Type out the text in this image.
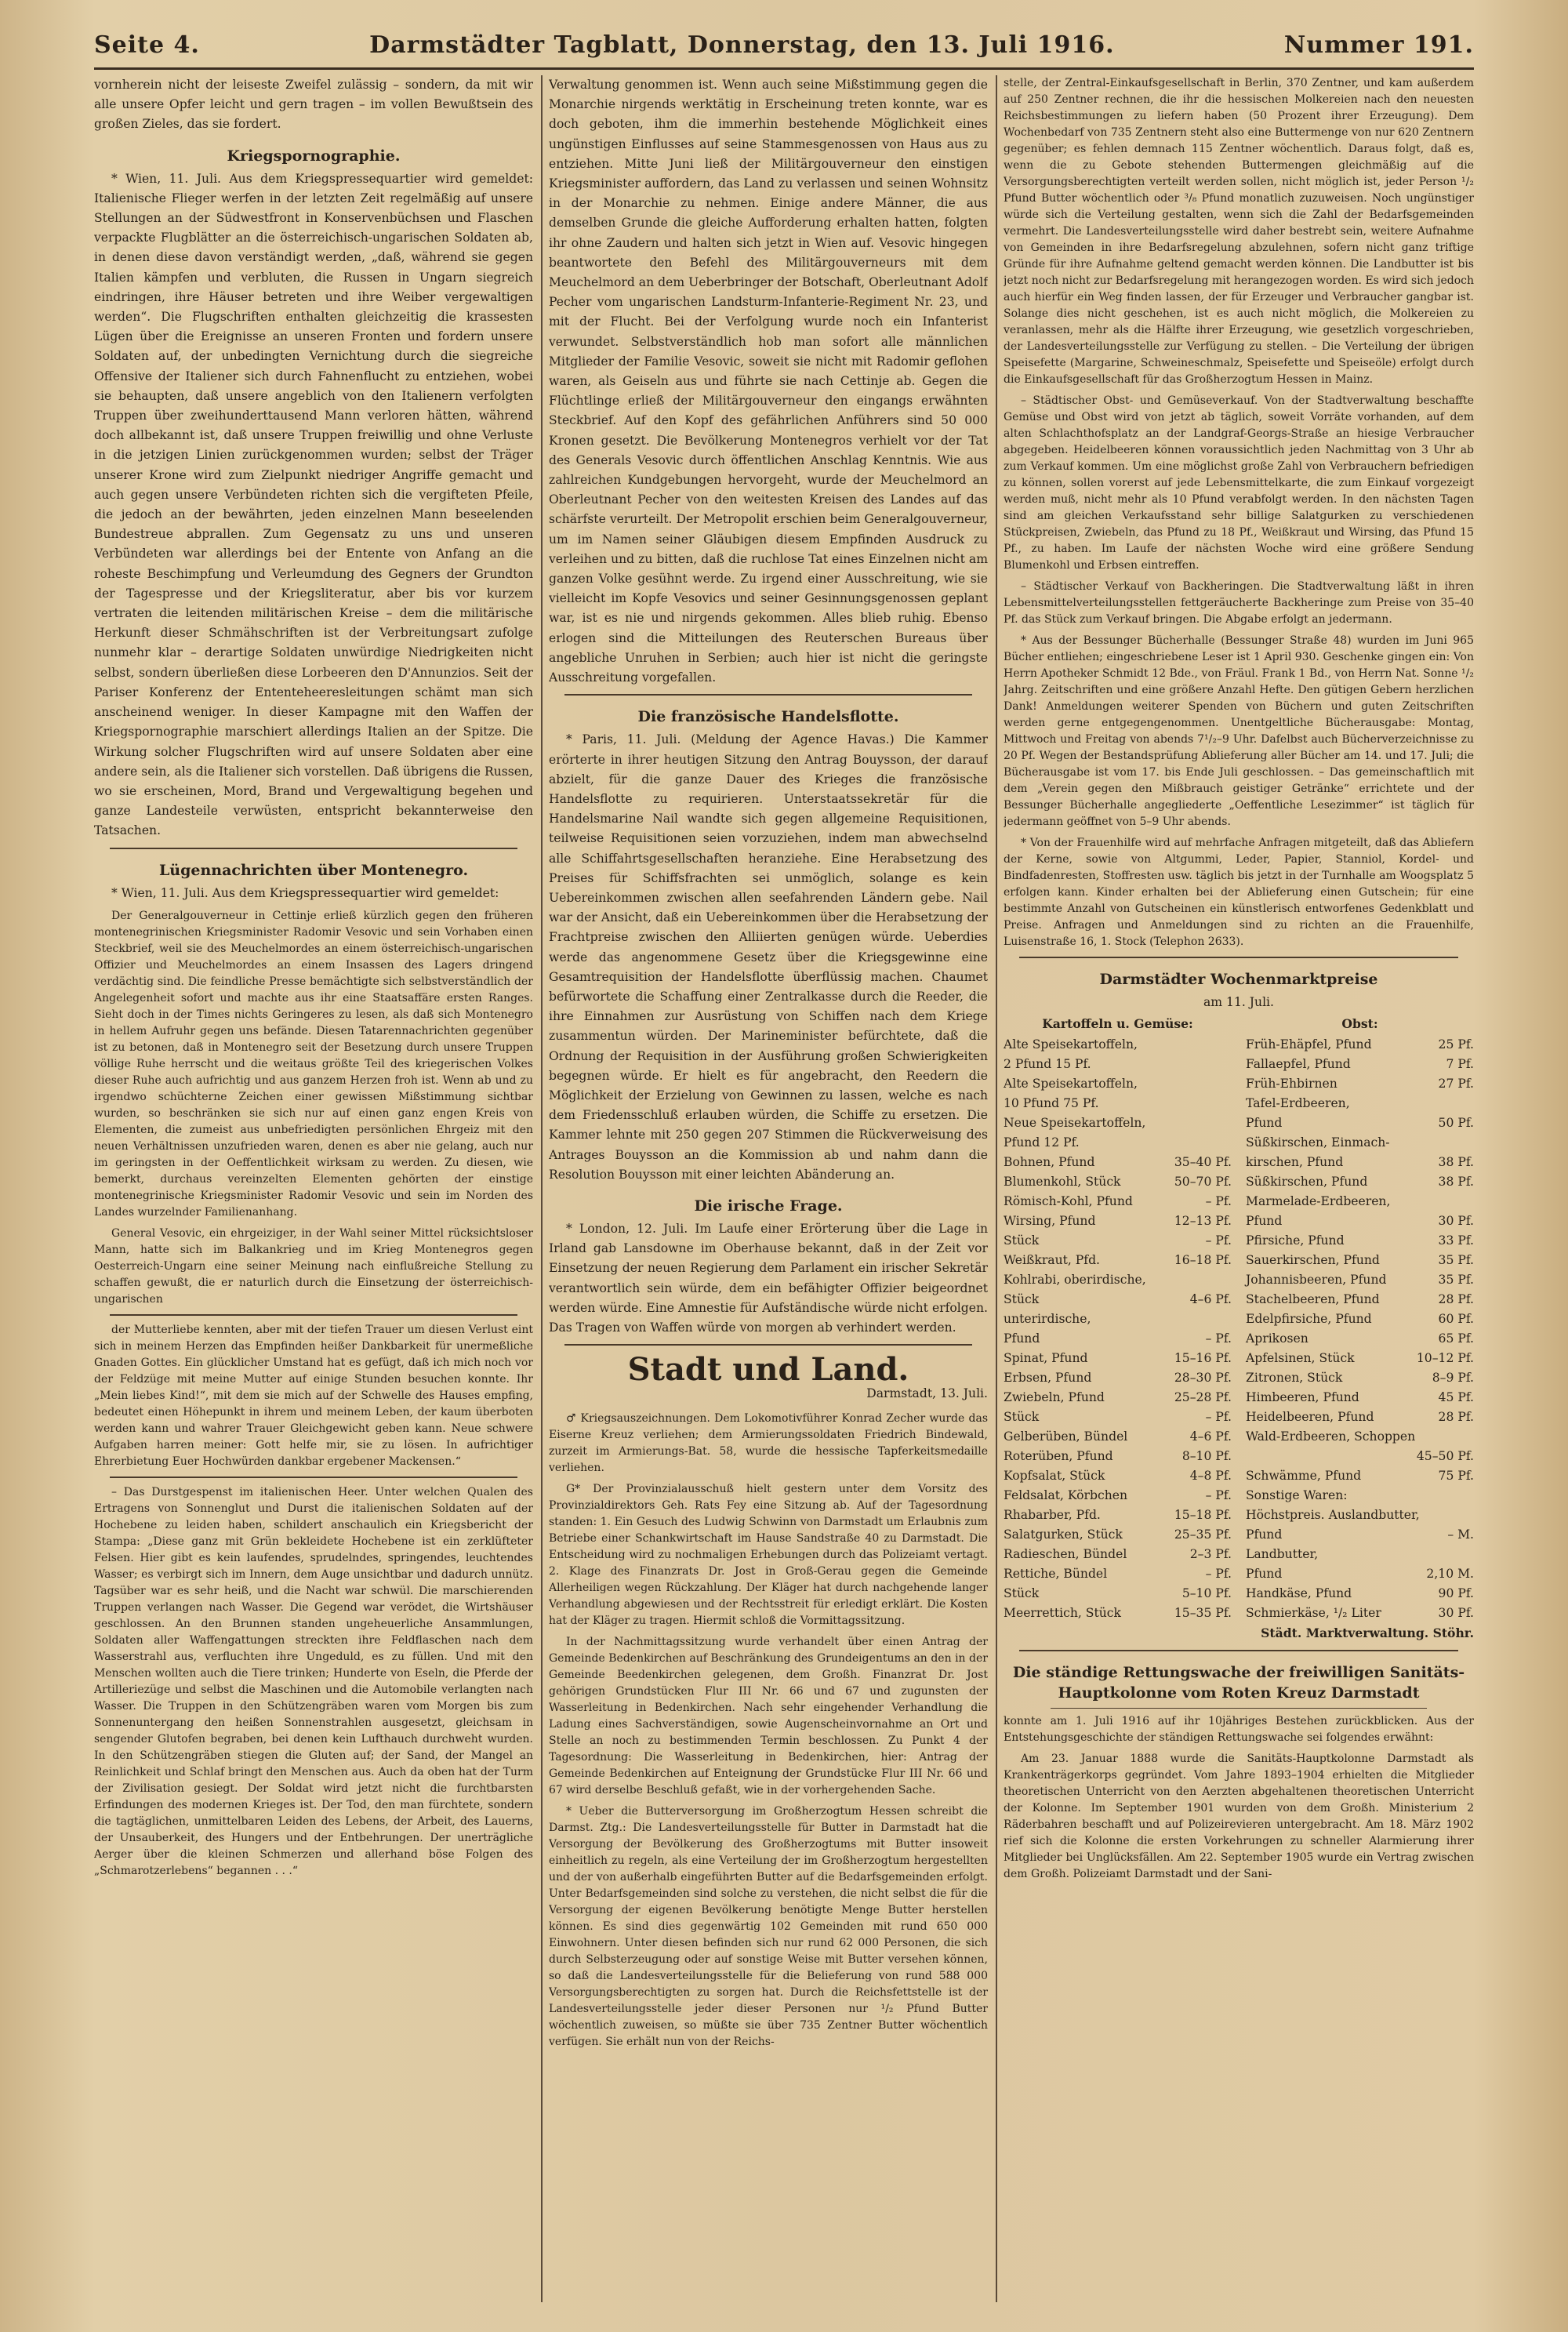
Seite 4.	Darmstädter Tagblatt, Donnerstag, den 13. Juli 1916.	Nummer 191.

vornherein nicht der leiseste Zweifel zulässig – sondern, da mit wir alle unsere Opfer leicht und gern tragen – im vollen Bewußtsein des großen Zieles, das sie fordert.

Kriegspornographie.

* Wien, 11. Juli. Aus dem Kriegspressequartier wird gemeldet: Italienische Flieger werfen in der letzten Zeit regelmäßig auf unsere Stellungen an der Südwestfront in Konservenbüchsen und Flaschen verpackte Flugblätter an die österreichisch-ungarischen Soldaten ab, in denen diese davon verständigt werden, „daß, während sie gegen Italien kämpfen und verbluten, die Russen in Ungarn siegreich eindringen, ihre Häuser betreten und ihre Weiber vergewaltigen werden“. Die Flugschriften enthalten gleichzeitig die krassesten Lügen über die Ereignisse an unseren Fronten und fordern unsere Soldaten auf, der unbedingten Vernichtung durch die siegreiche Offensive der Italiener sich durch Fahnenflucht zu entziehen, wobei sie behaupten, daß unsere angeblich von den Italienern verfolgten Truppen über zweihunderttausend Mann verloren hätten, während doch allbekannt ist, daß unsere Truppen freiwillig und ohne Verluste in die jetzigen Linien zurückgenommen wurden; selbst der Träger unserer Krone wird zum Zielpunkt niedriger Angriffe gemacht und auch gegen unsere Verbündeten richten sich die vergifteten Pfeile, die jedoch an der bewährten, jeden einzelnen Mann beseelenden Bundestreue abprallen. Zum Gegensatz zu uns und unseren Verbündeten war allerdings bei der Entente von Anfang an die roheste Beschimpfung und Verleumdung des Gegners der Grundton der Tagespresse und der Kriegsliteratur, aber bis vor kurzem vertraten die leitenden militärischen Kreise – dem die militärische Herkunft dieser Schmähschriften ist der Verbreitungsart zufolge nunmehr klar – derartige Soldaten unwürdige Niedrigkeiten nicht selbst, sondern überließen diese Lorbeeren den D'Annunzios. Seit der Pariser Konferenz der Ententeheeresleitungen schämt man sich anscheinend weniger. In dieser Kampagne mit den Waffen der Kriegspornographie marschiert allerdings Italien an der Spitze. Die Wirkung solcher Flugschriften wird auf unsere Soldaten aber eine andere sein, als die Italiener sich vorstellen. Daß übrigens die Russen, wo sie erscheinen, Mord, Brand und Vergewaltigung begehen und ganze Landesteile verwüsten, entspricht bekannterweise den Tatsachen.

Lügennachrichten über Montenegro.

* Wien, 11. Juli. Aus dem Kriegspressequartier wird gemeldet:

Der Generalgouverneur in Cettinje erließ kürzlich gegen den früheren montenegrinischen Kriegsminister Radomir Vesovic und sein Vorhaben einen Steckbrief, weil sie des Meuchelmordes an einem österreichisch-ungarischen Offizier und Meuchelmordes an einem Insassen des Lagers dringend verdächtig sind. Die feindliche Presse bemächtigte sich selbstverständlich der Angelegenheit sofort und machte aus ihr eine Staatsaffäre ersten Ranges. Sieht doch in der Times nichts Geringeres zu lesen, als daß sich Montenegro in hellem Aufruhr gegen uns befände. Diesen Tatarennachrichten gegenüber ist zu betonen, daß in Montenegro seit der Besetzung durch unsere Truppen völlige Ruhe herrscht und die weitaus größte Teil des kriegerischen Volkes dieser Ruhe auch aufrichtig und aus ganzem Herzen froh ist. Wenn ab und zu irgendwo schüchterne Zeichen einer gewissen Mißstimmung sichtbar wurden, so beschränken sie sich nur auf einen ganz engen Kreis von Elementen, die zumeist aus unbefriedigten persönlichen Ehrgeiz mit den neuen Verhältnissen unzufrieden waren, denen es aber nie gelang, auch nur im geringsten in der Oeffentlichkeit wirksam zu werden. Zu diesen, wie bemerkt, durchaus vereinzelten Elementen gehörten der einstige montenegrinische Kriegsminister Radomir Vesovic und sein im Norden des Landes wurzelnder Familienanhang.

General Vesovic, ein ehrgeiziger, in der Wahl seiner Mittel rücksichtsloser Mann, hatte sich im Balkankrieg und im Krieg Montenegros gegen Oesterreich-Ungarn eine seiner Meinung nach einflußreiche Stellung zu schaffen gewußt, die er naturlich durch die Einsetzung der österreichisch-ungarischen

der Mutterliebe kennten, aber mit der tiefen Trauer um diesen Verlust eint sich in meinem Herzen das Empfinden heißer Dankbarkeit für unermeßliche Gnaden Gottes. Ein glücklicher Umstand hat es gefügt, daß ich mich noch vor der Feldzüge mit meine Mutter auf einige Stunden besuchen konnte. Ihr „Mein liebes Kind!“, mit dem sie mich auf der Schwelle des Hauses empfing, bedeutet einen Höhepunkt in ihrem und meinem Leben, der kaum überboten werden kann und wahrer Trauer Gleichgewicht geben kann. Neue schwere Aufgaben harren meiner: Gott helfe mir, sie zu lösen. In aufrichtiger Ehrerbietung Euer Hochwürden dankbar ergebener Mackensen.“

– Das Durstgespenst im italienischen Heer. Unter welchen Qualen des Ertragens von Sonnenglut und Durst die italienischen Soldaten auf der Hochebene zu leiden haben, schildert anschaulich ein Kriegsbericht der Stampa: „Diese ganz mit Grün bekleidete Hochebene ist ein zerklüfteter Felsen. Hier gibt es kein laufendes, sprudelndes, springendes, leuchtendes Wasser; es verbirgt sich im Innern, dem Auge unsichtbar und dadurch unnütz. Tagsüber war es sehr heiß, und die Nacht war schwül. Die marschierenden Truppen verlangen nach Wasser. Die Gegend war verödet, die Wirtshäuser geschlossen. An den Brunnen standen ungeheuerliche Ansammlungen, Soldaten aller Waffengattungen streckten ihre Feldflaschen nach dem Wasserstrahl aus, verfluchten ihre Ungeduld, es zu füllen. Und mit den Menschen wollten auch die Tiere trinken; Hunderte von Eseln, die Pferde der Artilleriezüge und selbst die Maschinen und die Automobile verlangten nach Wasser. Die Truppen in den Schützengräben waren vom Morgen bis zum Sonnenuntergang den heißen Sonnenstrahlen ausgesetzt, gleichsam in sengender Glutofen begraben, bei denen kein Lufthauch durchweht wurden. In den Schützengräben stiegen die Gluten auf; der Sand, der Mangel an Reinlichkeit und Schlaf bringt den Menschen aus. Auch da oben hat der Turm der Zivilisation gesiegt. Der Soldat wird jetzt nicht die furchtbarsten Erfindungen des modernen Krieges ist. Der Tod, den man fürchtete, sondern die tagtäglichen, unmittelbaren Leiden des Lebens, der Arbeit, des Lauerns, der Unsauberkeit, des Hungers und der Entbehrungen. Der unerträgliche Aerger über die kleinen Schmerzen und allerhand böse Folgen des „Schmarotzerlebens“ begannen . . .“

Verwaltung genommen ist. Wenn auch seine Mißstimmung gegen die Monarchie nirgends werktätig in Erscheinung treten konnte, war es doch geboten, ihm die immerhin bestehende Möglichkeit eines ungünstigen Einflusses auf seine Stammesgenossen von Haus aus zu entziehen. Mitte Juni ließ der Militärgouverneur den einstigen Kriegsminister auffordern, das Land zu verlassen und seinen Wohnsitz in der Monarchie zu nehmen. Einige andere Männer, die aus demselben Grunde die gleiche Aufforderung erhalten hatten, folgten ihr ohne Zaudern und halten sich jetzt in Wien auf. Vesovic hingegen beantwortete den Befehl des Militärgouverneurs mit dem Meuchelmord an dem Ueberbringer der Botschaft, Oberleutnant Adolf Pecher vom ungarischen Landsturm-Infanterie-Regiment Nr. 23, und mit der Flucht. Bei der Verfolgung wurde noch ein Infanterist verwundet. Selbstverständlich hob man sofort alle männlichen Mitglieder der Familie Vesovic, soweit sie nicht mit Radomir geflohen waren, als Geiseln aus und führte sie nach Cettinje ab. Gegen die Flüchtlinge erließ der Militärgouverneur den eingangs erwähnten Steckbrief. Auf den Kopf des gefährlichen Anführers sind 50 000 Kronen gesetzt. Die Bevölkerung Montenegros verhielt vor der Tat des Generals Vesovic durch öffentlichen Anschlag Kenntnis. Wie aus zahlreichen Kundgebungen hervorgeht, wurde der Meuchelmord an Oberleutnant Pecher von den weitesten Kreisen des Landes auf das schärfste verurteilt. Der Metropolit erschien beim Generalgouverneur, um im Namen seiner Gläubigen diesem Empfinden Ausdruck zu verleihen und zu bitten, daß die ruchlose Tat eines Einzelnen nicht am ganzen Volke gesühnt werde. Zu irgend einer Ausschreitung, wie sie vielleicht im Kopfe Vesovics und seiner Gesinnungsgenossen geplant war, ist es nie und nirgends gekommen. Alles blieb ruhig. Ebenso erlogen sind die Mitteilungen des Reuterschen Bureaus über angebliche Unruhen in Serbien; auch hier ist nicht die geringste Ausschreitung vorgefallen.

Die französische Handelsflotte.

* Paris, 11. Juli. (Meldung der Agence Havas.) Die Kammer erörterte in ihrer heutigen Sitzung den Antrag Bouysson, der darauf abzielt, für die ganze Dauer des Krieges die französische Handelsflotte zu requirieren. Unterstaatssekretär für die Handelsmarine Nail wandte sich gegen allgemeine Requisitionen, teilweise Requisitionen seien vorzuziehen, indem man abwechselnd alle Schiffahrtsgesellschaften heranziehe. Eine Herabsetzung des Preises für Schiffsfrachten sei unmöglich, solange es kein Uebereinkommen zwischen allen seefahrenden Ländern gebe. Nail war der Ansicht, daß ein Uebereinkommen über die Herabsetzung der Frachtpreise zwischen den Alliierten genügen würde. Ueberdies werde das angenommene Gesetz über die Kriegsgewinne eine Gesamtrequisition der Handelsflotte überflüssig machen. Chaumet befürwortete die Schaffung einer Zentralkasse durch die Reeder, die ihre Einnahmen zur Ausrüstung von Schiffen nach dem Kriege zusammentun würden. Der Marineminister befürchtete, daß die Ordnung der Requisition in der Ausführung großen Schwierigkeiten begegnen würde. Er hielt es für angebracht, den Reedern die Möglichkeit der Erzielung von Gewinnen zu lassen, welche es nach dem Friedensschluß erlauben würden, die Schiffe zu ersetzen. Die Kammer lehnte mit 250 gegen 207 Stimmen die Rückverweisung des Antrages Bouysson an die Kommission ab und nahm dann die Resolution Bouysson mit einer leichten Abänderung an.

Die irische Frage.

* London, 12. Juli. Im Laufe einer Erörterung über die Lage in Irland gab Lansdowne im Oberhause bekannt, daß in der Zeit vor Einsetzung der neuen Regierung dem Parlament ein irischer Sekretär verantwortlich sein würde, dem ein befähigter Offizier beigeordnet werden würde. Eine Amnestie für Aufständische würde nicht erfolgen. Das Tragen von Waffen würde von morgen ab verhindert werden.

Stadt und Land.
Darmstadt, 13. Juli.

♂ Kriegsauszeichnungen. Dem Lokomotivführer Konrad Zecher wurde das Eiserne Kreuz verliehen; dem Armierungssoldaten Friedrich Bindewald, zurzeit im Armierungs-Bat. 58, wurde die hessische Tapferkeitsmedaille verliehen.

G* Der Provinzialausschuß hielt gestern unter dem Vorsitz des Provinzialdirektors Geh. Rats Fey eine Sitzung ab. Auf der Tagesordnung standen: 1. Ein Gesuch des Ludwig Schwinn von Darmstadt um Erlaubnis zum Betriebe einer Schankwirtschaft im Hause Sandstraße 40 zu Darmstadt. Die Entscheidung wird zu nochmaligen Erhebungen durch das Polizeiamt vertagt. 2. Klage des Finanzrats Dr. Jost in Groß-Gerau gegen die Gemeinde Allerheiligen wegen Rückzahlung. Der Kläger hat durch nachgehende langer Verhandlung abgewiesen und der Rechtsstreit für erledigt erklärt. Die Kosten hat der Kläger zu tragen. Hiermit schloß die Vormittagssitzung.

In der Nachmittagssitzung wurde verhandelt über einen Antrag der Gemeinde Bedenkirchen auf Beschränkung des Grundeigentums an den in der Gemeinde Beedenkirchen gelegenen, dem Großh. Finanzrat Dr. Jost gehörigen Grundstücken Flur III Nr. 66 und 67 und zugunsten der Wasserleitung in Bedenkirchen. Nach sehr eingehender Verhandlung die Ladung eines Sachverständigen, sowie Augenscheinvornahme an Ort und Stelle an noch zu bestimmenden Termin beschlossen. Zu Punkt 4 der Tagesordnung: Die Wasserleitung in Bedenkirchen, hier: Antrag der Gemeinde Bedenkirchen auf Enteignung der Grundstücke Flur III Nr. 66 und 67 wird derselbe Beschluß gefaßt, wie in der vorhergehenden Sache.

* Ueber die Butterversorgung im Großherzogtum Hessen schreibt die Darmst. Ztg.: Die Landesverteilungsstelle für Butter in Darmstadt hat die Versorgung der Bevölkerung des Großherzogtums mit Butter insoweit einheitlich zu regeln, als eine Verteilung der im Großherzogtum hergestellten und der von außerhalb eingeführten Butter auf die Bedarfsgemeinden erfolgt. Unter Bedarfsgemeinden sind solche zu verstehen, die nicht selbst die für die Versorgung der eigenen Bevölkerung benötigte Menge Butter herstellen können. Es sind dies gegenwärtig 102 Gemeinden mit rund 650 000 Einwohnern. Unter diesen befinden sich nur rund 62 000 Personen, die sich durch Selbsterzeugung oder auf sonstige Weise mit Butter versehen können, so daß die Landesverteilungsstelle für die Belieferung von rund 588 000 Versorgungsberechtigten zu sorgen hat. Durch die Reichsfettstelle ist der Landesverteilungsstelle jeder dieser Personen nur ¹/₂ Pfund Butter wöchentlich zuweisen, so müßte sie über 735 Zentner Butter wöchentlich verfügen. Sie erhält nun von der Reichs-

stelle, der Zentral-Einkaufsgesellschaft in Berlin, 370 Zentner, und kam außerdem auf 250 Zentner rechnen, die ihr die hessischen Molkereien nach den neuesten Reichsbestimmungen zu liefern haben (50 Prozent ihrer Erzeugung). Dem Wochenbedarf von 735 Zentnern steht also eine Buttermenge von nur 620 Zentnern gegenüber; es fehlen demnach 115 Zentner wöchentlich. Daraus folgt, daß es, wenn die zu Gebote stehenden Buttermengen gleichmäßig auf die Versorgungsberechtigten verteilt werden sollen, nicht möglich ist, jeder Person ¹/₂ Pfund Butter wöchentlich oder ³/₈ Pfund monatlich zuzuweisen. Noch ungünstiger würde sich die Verteilung gestalten, wenn sich die Zahl der Bedarfsgemeinden vermehrt. Die Landesverteilungsstelle wird daher bestrebt sein, weitere Aufnahme von Gemeinden in ihre Bedarfsregelung abzulehnen, sofern nicht ganz triftige Gründe für ihre Aufnahme geltend gemacht werden können. Die Landbutter ist bis jetzt noch nicht zur Bedarfsregelung mit herangezogen worden. Es wird sich jedoch auch hierfür ein Weg finden lassen, der für Erzeuger und Verbraucher gangbar ist. Solange dies nicht geschehen, ist es auch nicht möglich, die Molkereien zu veranlassen, mehr als die Hälfte ihrer Erzeugung, wie gesetzlich vorgeschrieben, der Landesverteilungsstelle zur Verfügung zu stellen. – Die Verteilung der übrigen Speisefette (Margarine, Schweineschmalz, Speisefette und Speiseöle) erfolgt durch die Einkaufsgesellschaft für das Großherzogtum Hessen in Mainz.

– Städtischer Obst- und Gemüseverkauf. Von der Stadtverwaltung beschaffte Gemüse und Obst wird von jetzt ab täglich, soweit Vorräte vorhanden, auf dem alten Schlachthofsplatz an der Landgraf-Georgs-Straße an hiesige Verbraucher abgegeben. Heidelbeeren können voraussichtlich jeden Nachmittag von 3 Uhr ab zum Verkauf kommen. Um eine möglichst große Zahl von Verbrauchern befriedigen zu können, sollen vorerst auf jede Lebensmittelkarte, die zum Einkauf vorgezeigt werden muß, nicht mehr als 10 Pfund verabfolgt werden. In den nächsten Tagen sind am gleichen Verkaufsstand sehr billige Salatgurken zu verschiedenen Stückpreisen, Zwiebeln, das Pfund zu 18 Pf., Weißkraut und Wirsing, das Pfund 15 Pf., zu haben. Im Laufe der nächsten Woche wird eine größere Sendung Blumenkohl und Erbsen eintreffen.

– Städtischer Verkauf von Backheringen. Die Stadtverwaltung läßt in ihren Lebensmittelverteilungsstellen fettgeräucherte Backheringe zum Preise von 35–40 Pf. das Stück zum Verkauf bringen. Die Abgabe erfolgt an jedermann.

* Aus der Bessunger Bücherhalle (Bessunger Straße 48) wurden im Juni 965 Bücher entliehen; eingeschriebene Leser ist 1 April 930. Geschenke gingen ein: Von Herrn Apotheker Schmidt 12 Bde., von Fräul. Frank 1 Bd., von Herrn Nat. Sonne ¹/₂ Jahrg. Zeitschriften und eine größere Anzahl Hefte. Den gütigen Gebern herzlichen Dank! Anmeldungen weiterer Spenden von Büchern und guten Zeitschriften werden gerne entgegengenommen. Unentgeltliche Bücherausgabe: Montag, Mittwoch und Freitag von abends 7¹/₂–9 Uhr. Dafelbst auch Bücherverzeichnisse zu 20 Pf. Wegen der Bestandsprüfung Ablieferung aller Bücher am 14. und 17. Juli; die Bücherausgabe ist vom 17. bis Ende Juli geschlossen. – Das gemeinschaftlich mit dem „Verein gegen den Mißbrauch geistiger Getränke“ errichtete und der Bessunger Bücherhalle angegliederte „Oeffentliche Lesezimmer“ ist täglich für jedermann geöffnet von 5–9 Uhr abends.

* Von der Frauenhilfe wird auf mehrfache Anfragen mitgeteilt, daß das Abliefern der Kerne, sowie von Altgummi, Leder, Papier, Stanniol, Kordel- und Bindfadenresten, Stoffresten usw. täglich bis jetzt in der Turnhalle am Woogsplatz 5 erfolgen kann. Kinder erhalten bei der Ablieferung einen Gutschein; für eine bestimmte Anzahl von Gutscheinen ein künstlerisch entworfenes Gedenkblatt und Preise. Anfragen und Anmeldungen sind zu richten an die Frauenhilfe, Luisenstraße 16, 1. Stock (Telephon 2633).

Darmstädter Wochenmarktpreise
am 11. Juli.
Kartoffeln u. Gemüse:
Alte Speisekartoffeln,
2 Pfund 15 Pf.
Alte Speisekartoffeln,
10 Pfund 75 Pf.
Neue Speisekartoffeln,
Pfund 12 Pf.
Bohnen, Pfund	35–40 Pf.
Blumenkohl, Stück	50–70 Pf.
Römisch-Kohl, Pfund	– Pf.
Wirsing, Pfund	12–13 Pf.
Stück	– Pf.
Weißkraut, Pfd.	16–18 Pf.
Kohlrabi, oberirdische,
Stück	4–6 Pf.
unterirdische,
Pfund	– Pf.
Spinat, Pfund	15–16 Pf.
Erbsen, Pfund	28–30 Pf.
Zwiebeln, Pfund	25–28 Pf.
Stück	– Pf.
Gelberüben, Bündel	4–6 Pf.
Roterüben, Pfund	8–10 Pf.
Kopfsalat, Stück	4–8 Pf.
Feldsalat, Körbchen	– Pf.
Rhabarber, Pfd.	15–18 Pf.
Salatgurken, Stück	25–35 Pf.
Radieschen, Bündel	2–3 Pf.
Rettiche, Bündel	– Pf.
Stück	5–10 Pf.
Meerrettich, Stück	15–35 Pf.
Obst:
Früh-Ehäpfel, Pfund	25 Pf.
Fallaepfel, Pfund	7 Pf.
Früh-Ehbirnen	27 Pf.
Tafel-Erdbeeren,
Pfund	50 Pf.
Süßkirschen, Einmach-
kirschen, Pfund	38 Pf.
Süßkirschen, Pfund	38 Pf.
Marmelade-Erdbeeren,
Pfund	30 Pf.
Pfirsiche, Pfund	33 Pf.
Sauerkirschen, Pfund	35 Pf.
Johannisbeeren, Pfund	35 Pf.
Stachelbeeren, Pfund	28 Pf.
Edelpfirsiche, Pfund	60 Pf.
Aprikosen	65 Pf.
Apfelsinen, Stück	10–12 Pf.
Zitronen, Stück	8–9 Pf.
Himbeeren, Pfund	45 Pf.
Heidelbeeren, Pfund	28 Pf.
Wald-Erdbeeren, Schoppen
45–50 Pf.
Schwämme, Pfund	75 Pf.
Sonstige Waren:
Höchstpreis. Auslandbutter,
Pfund	– M.
Landbutter,
Pfund	2,10 M.
Handkäse, Pfund	90 Pf.
Schmierkäse, ¹/₂ Liter	30 Pf.
Städt. Marktverwaltung. Stöhr.
Die ständige Rettungswache der freiwilligen Sanitäts-Hauptkolonne vom Roten Kreuz Darmstadt

konnte am 1. Juli 1916 auf ihr 10jähriges Bestehen zurückblicken. Aus der Entstehungsgeschichte der ständigen Rettungswache sei folgendes erwähnt:

Am 23. Januar 1888 wurde die Sanitäts-Hauptkolonne Darmstadt als Krankenträgerkorps gegründet. Vom Jahre 1893–1904 erhielten die Mitglieder theoretischen Unterricht von den Aerzten abgehaltenen theoretischen Unterricht der Kolonne. Im September 1901 wurden von dem Großh. Ministerium 2 Räderbahren beschafft und auf Polizeirevieren untergebracht. Am 18. März 1902 rief sich die Kolonne die ersten Vorkehrungen zu schneller Alarmierung ihrer Mitglieder bei Unglücksfällen. Am 22. September 1905 wurde ein Vertrag zwischen dem Großh. Polizeiamt Darmstadt und der Sani-
